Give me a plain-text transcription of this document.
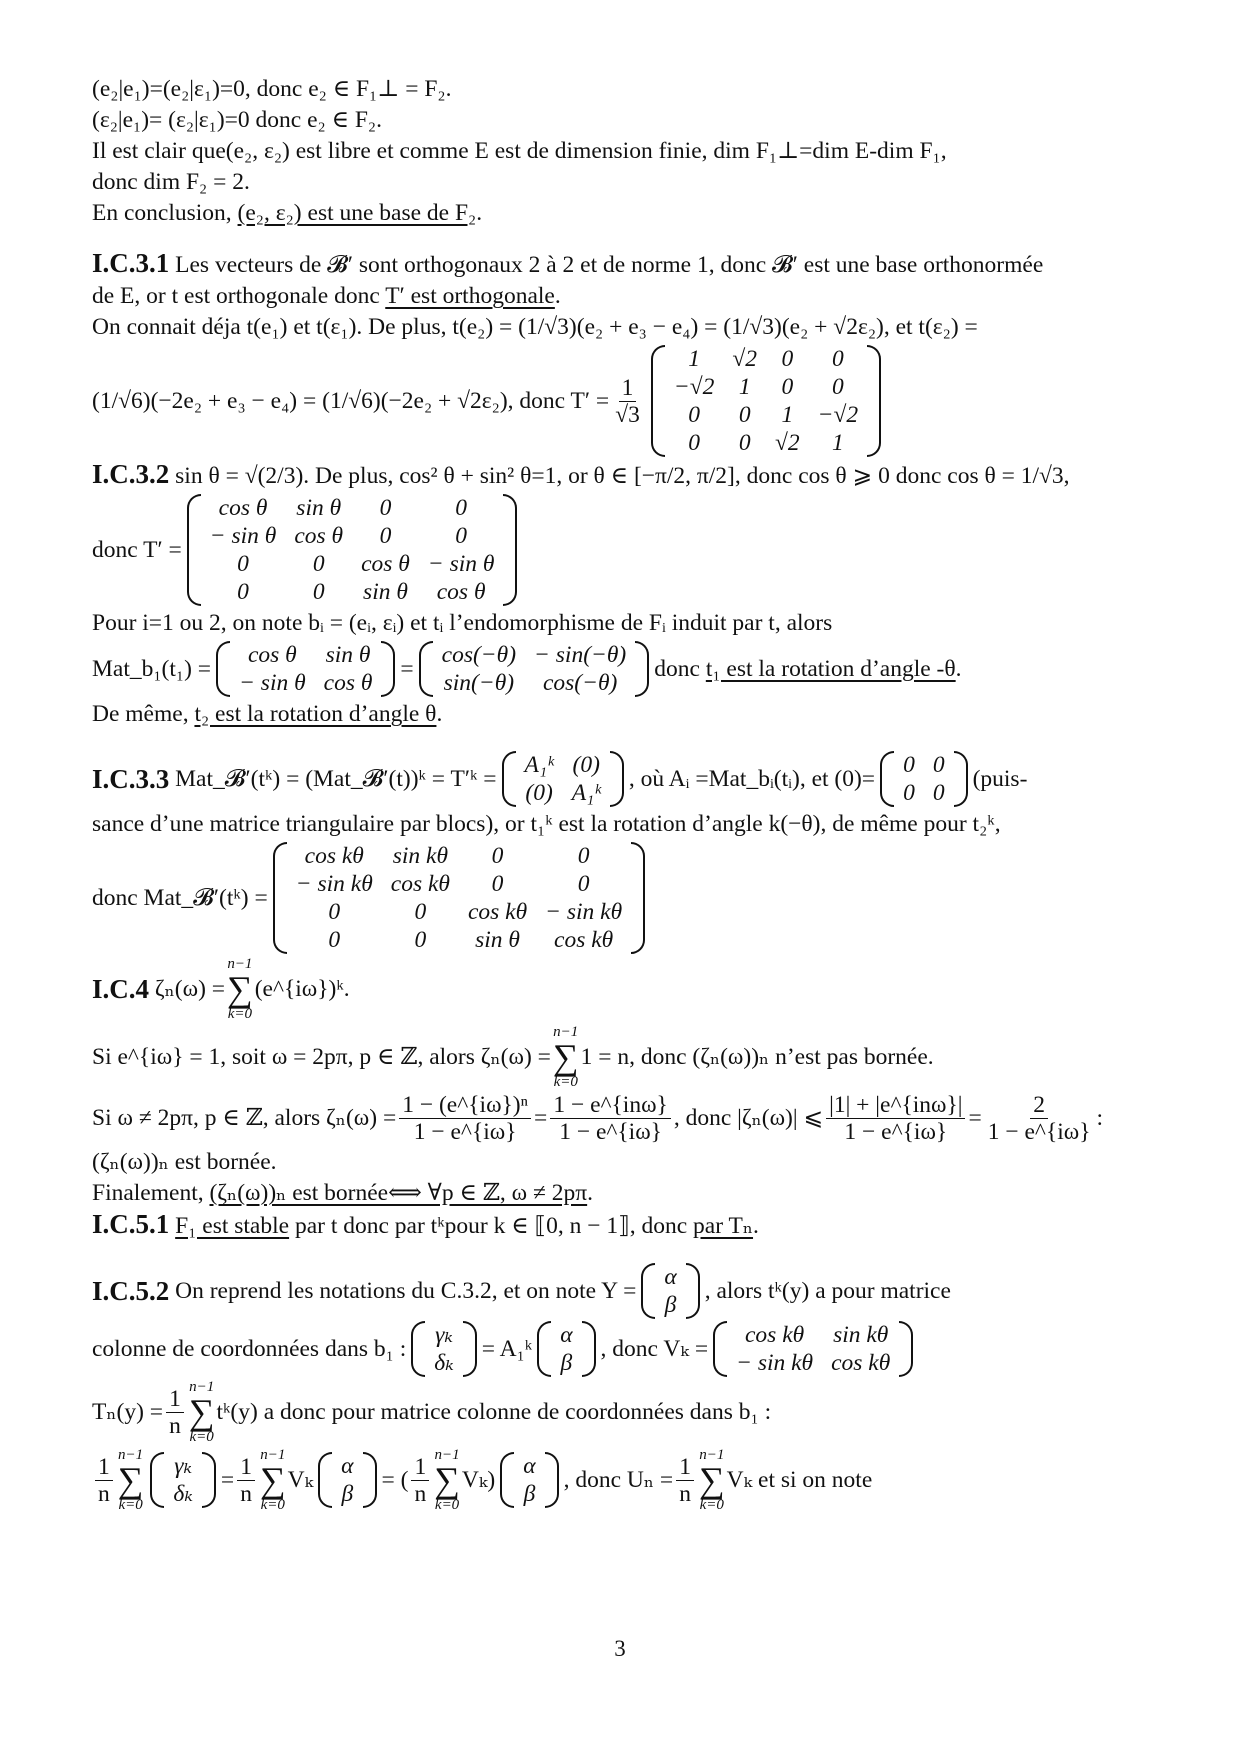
(e₂|e₁)=(e₂|ε₁)=0, donc e₂ ∈ F₁⊥ = F₂.
(ε₂|e₁)= (ε₂|ε₁)=0 donc e₂ ∈ F₂.
Il est clair que(e₂, ε₂) est libre et comme E est de dimension finie, dim F₁⊥=dim E-dim F₁,
donc dim F₂ = 2.
En conclusion, (e₂, ε₂) est une base de F₂.
I.C.3.1 Les vecteurs de 𝓑′ sont orthogonaux 2 à 2 et de norme 1, donc 𝓑′ est une base orthonormée
de E, or t est orthogonale donc T′ est orthogonale.
On connait déja t(e₁) et t(ε₁). De plus, t(e₂) = (1/√3)(e₂ + e₃ − e₄) = (1/√3)(e₂ + √2ε₂), et t(ε₂) =
(1/√6)(−2e₂ + e₃ − e₄) = (1/√6)(−2e₂ + √2ε₂), donc $T' = \frac{1}{√3}$
1	√2	0	0
−√2	1	0	0
0	0	1	−√2
0	0	√2	1
I.C.3.2 sin θ = √(2/3). De plus, cos² θ + sin² θ=1, or θ ∈ [−π/2, π/2], donc cos θ ⩾ 0 donc cos θ = 1/√3,
donc T′ =
cos θ	sin θ	0	0
− sin θ	cos θ	0	0
0	0	cos θ	− sin θ
0	0	sin θ	cos θ
Pour i=1 ou 2, on note bᵢ = (eᵢ, εᵢ) et tᵢ l’endomorphisme de Fᵢ induit par t, alors
Mat_b₁(t₁) =
cos θ	sin θ
− sin θ	cos θ
=
cos(−θ)	− sin(−θ)
sin(−θ)	cos(−θ)
donc
t₁ est la rotation d’angle -θ .
De même, t₂ est la rotation d’angle θ.
I.C.3.3
Mat_𝓑′(tᵏ) = (Mat_𝓑′(t))ᵏ = T′ᵏ =
A₁ᵏ	(0)
(0)	A₁ᵏ
, où Aᵢ =Mat_bᵢ(tᵢ), et (0)=
0	0
0	0
(puis-
sance d’une matrice triangulaire par blocs), or t₁ᵏ est la rotation d’angle k(−θ), de même pour t₂ᵏ,
donc Mat_𝓑′(tᵏ) =
cos kθ	sin kθ	0	0
− sin kθ	cos kθ	0	0
0	0	cos kθ	− sin kθ
0	0	sin θ	cos kθ
I.C.4
ζₙ(ω) =
n−1
∑
k=0
(e^{iω})ᵏ.
Si e^{iω} = 1, soit ω = 2pπ, p ∈ ℤ, alors ζₙ(ω) =
n−1
∑
k=0
1 = n, donc (ζₙ(ω))ₙ n’est pas bornée.
Si ω ≠ 2pπ, p ∈ ℤ, alors $\zeta_n(\omega) = \frac{\text{1 − (e\textasciicircum{}\{iω\})ⁿ}}{1 - e\^{}\{i\omega\}} = \frac{\text{1 − e\textasciicircum{}\{inω\}}}{1 - e\^{}\{i\omega\}}$ , donc |ζₙ(ω)| ⩽ $\frac{\text{|1| + |e\textasciicircum{}\{inω\}|}}{1 - e\^{}\{i\omega\}} = \frac{2}{1 - e\^{}\{i\omega\}}$ :
(ζₙ(ω))ₙ est bornée.
Finalement, (ζₙ(ω))ₙ est bornée⟺ ∀p ∈ ℤ, ω ≠ 2pπ.
I.C.5.1 F₁ est stable par t donc par tᵏpour k ∈ ⟦0, n − 1⟧, donc par Tₙ.
I.C.5.2
On reprend les notations du C.3.2, et on note Y =
α
β
, alors tᵏ(y) a pour matrice
colonne de coordonnées dans b₁ :
γₖ
δₖ
= A₁ᵏ
α
β
, donc Vₖ =
cos kθ	sin kθ
− sin kθ	cos kθ
$T_n(y) = \frac{1}{n} n-1$
∑
k=0
tᵏ(y) a donc pour matrice colonne de coordonnées dans b₁ :
$\frac{1}{n} n-1$
∑
k=0
γₖ
δₖ
= $\frac{1}{n} n-1$
∑
k=0
Vₖ
α
β
=
( $\frac{1}{n} n-1$
∑
k=0
Vₖ)
α
β
, donc $U_n = \frac{1}{n} n-1$
∑
k=0
Vₖ et si on note
3
